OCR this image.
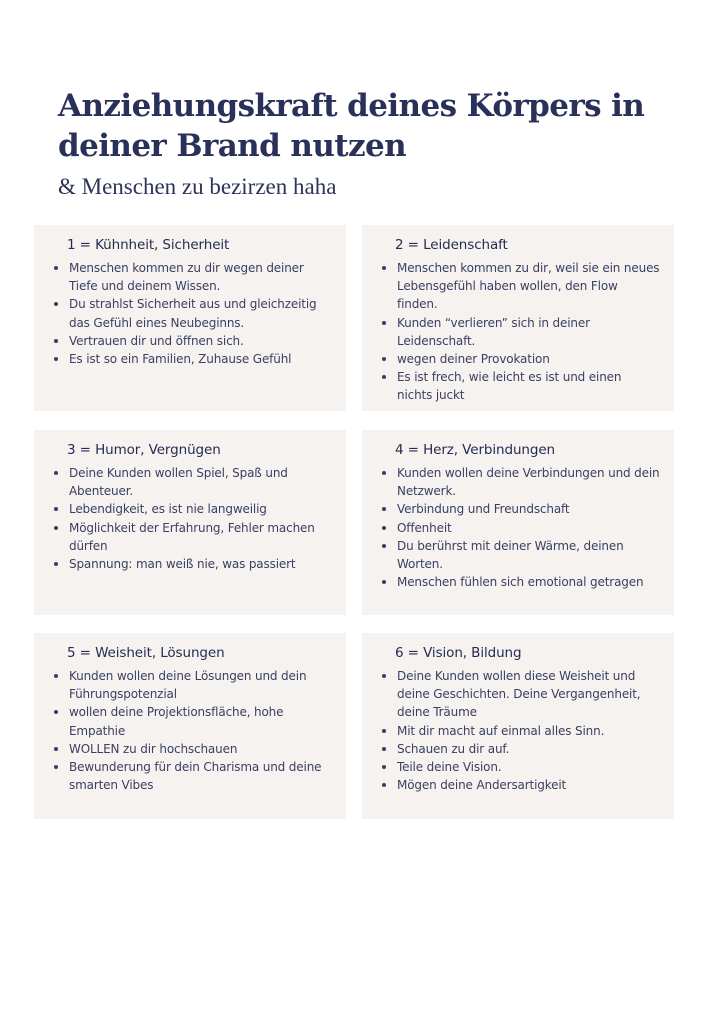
Anziehungskraft deines Körpers in deiner Brand nutzen
& Menschen zu bezirzen haha
1 = Kühnheit, Sicherheit
Menschen kommen zu dir wegen deiner Tiefe und deinem Wissen.
Du strahlst Sicherheit aus und gleichzeitig das Gefühl eines Neubeginns.
Vertrauen dir und öffnen sich.
Es ist so ein Familien, Zuhause Gefühl
2 = Leidenschaft
Menschen kommen zu dir, weil sie ein neues Lebensgefühl haben wollen, den Flow finden.
Kunden “verlieren” sich in deiner Leidenschaft.
wegen deiner Provokation
Es ist frech, wie leicht es ist und einen nichts juckt
3 = Humor, Vergnügen
Deine Kunden wollen Spiel, Spaß und Abenteuer.
Lebendigkeit, es ist nie langweilig
Möglichkeit der Erfahrung, Fehler machen dürfen
Spannung: man weiß nie, was passiert
4 = Herz, Verbindungen
Kunden wollen deine Verbindungen und dein Netzwerk.
Verbindung und Freundschaft
Offenheit
Du berührst mit deiner Wärme, deinen Worten.
Menschen fühlen sich emotional getragen
5 = Weisheit, Lösungen
Kunden wollen deine Lösungen und dein Führungspotenzial
wollen deine Projektionsfläche, hohe Empathie
WOLLEN zu dir hochschauen
Bewunderung für dein Charisma und deine smarten Vibes
6 = Vision, Bildung
Deine Kunden wollen diese Weisheit und deine Geschichten. Deine Vergangenheit, deine Träume
Mit dir macht auf einmal alles Sinn.
Schauen zu dir auf.
Teile deine Vision.
Mögen deine Andersartigkeit
